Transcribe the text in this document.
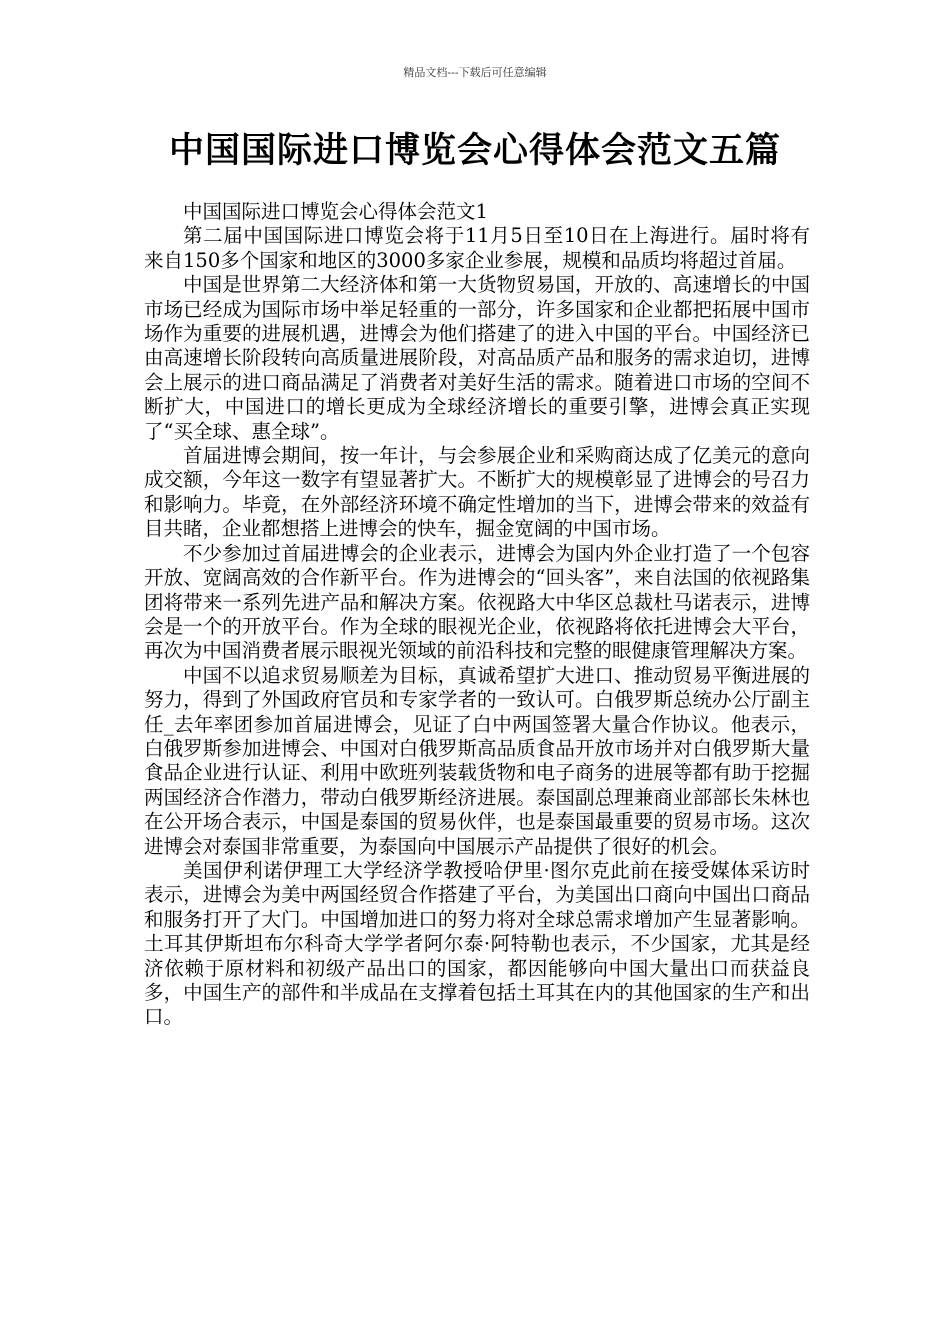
精品文档---下载后可任意编辑
中国国际进口博览会心得体会范文五篇

中国国际进口博览会心得体会范文1

第二届中国国际进口博览会将于11月5日至10日在上海进行。届时将有来自150多个国家和地区的3000多家企业参展，规模和品质均将超过首届。

中国是世界第二大经济体和第一大货物贸易国，开放的、高速增长的中国市场已经成为国际市场中举足轻重的一部分，许多国家和企业都把拓展中国市场作为重要的进展机遇，进博会为他们搭建了的进入中国的平台。中国经济已由高速增长阶段转向高质量进展阶段，对高品质产品和服务的需求迫切，进博会上展示的进口商品满足了消费者对美好生活的需求。随着进口市场的空间不断扩大，中国进口的增长更成为全球经济增长的重要引擎，进博会真正实现了“买全球、惠全球”。

首届进博会期间，按一年计，与会参展企业和采购商达成了亿美元的意向成交额，今年这一数字有望显著扩大。不断扩大的规模彰显了进博会的号召力和影响力。毕竟，在外部经济环境不确定性增加的当下，进博会带来的效益有目共睹，企业都想搭上进博会的快车，掘金宽阔的中国市场。

不少参加过首届进博会的企业表示，进博会为国内外企业打造了一个包容开放、宽阔高效的合作新平台。作为进博会的“回头客”，来自法国的依视路集团将带来一系列先进产品和解决方案。依视路大中华区总裁杜马诺表示，进博会是一个的开放平台。作为全球的眼视光企业，依视路将依托进博会大平台，再次为中国消费者展示眼视光领域的前沿科技和完整的眼健康管理解决方案。

中国不以追求贸易顺差为目标，真诚希望扩大进口、推动贸易平衡进展的努力，得到了外国政府官员和专家学者的一致认可。白俄罗斯总统办公厅副主任_去年率团参加首届进博会，见证了白中两国签署大量合作协议。他表示，白俄罗斯参加进博会、中国对白俄罗斯高品质食品开放市场并对白俄罗斯大量食品企业进行认证、利用中欧班列装载货物和电子商务的进展等都有助于挖掘两国经济合作潜力，带动白俄罗斯经济进展。泰国副总理兼商业部部长朱林也在公开场合表示，中国是泰国的贸易伙伴，也是泰国最重要的贸易市场。这次进博会对泰国非常重要，为泰国向中国展示产品提供了很好的机会。

美国伊利诺伊理工大学经济学教授哈伊里·图尔克此前在接受媒体采访时表示，进博会为美中两国经贸合作搭建了平台，为美国出口商向中国出口商品和服务打开了大门。中国增加进口的努力将对全球总需求增加产生显著影响。土耳其伊斯坦布尔科奇大学学者阿尔泰·阿特勒也表示，不少国家，尤其是经济依赖于原材料和初级产品出口的国家，都因能够向中国大量出口而获益良多，中国生产的部件和半成品在支撑着包括土耳其在内的其他国家的生产和出口。
